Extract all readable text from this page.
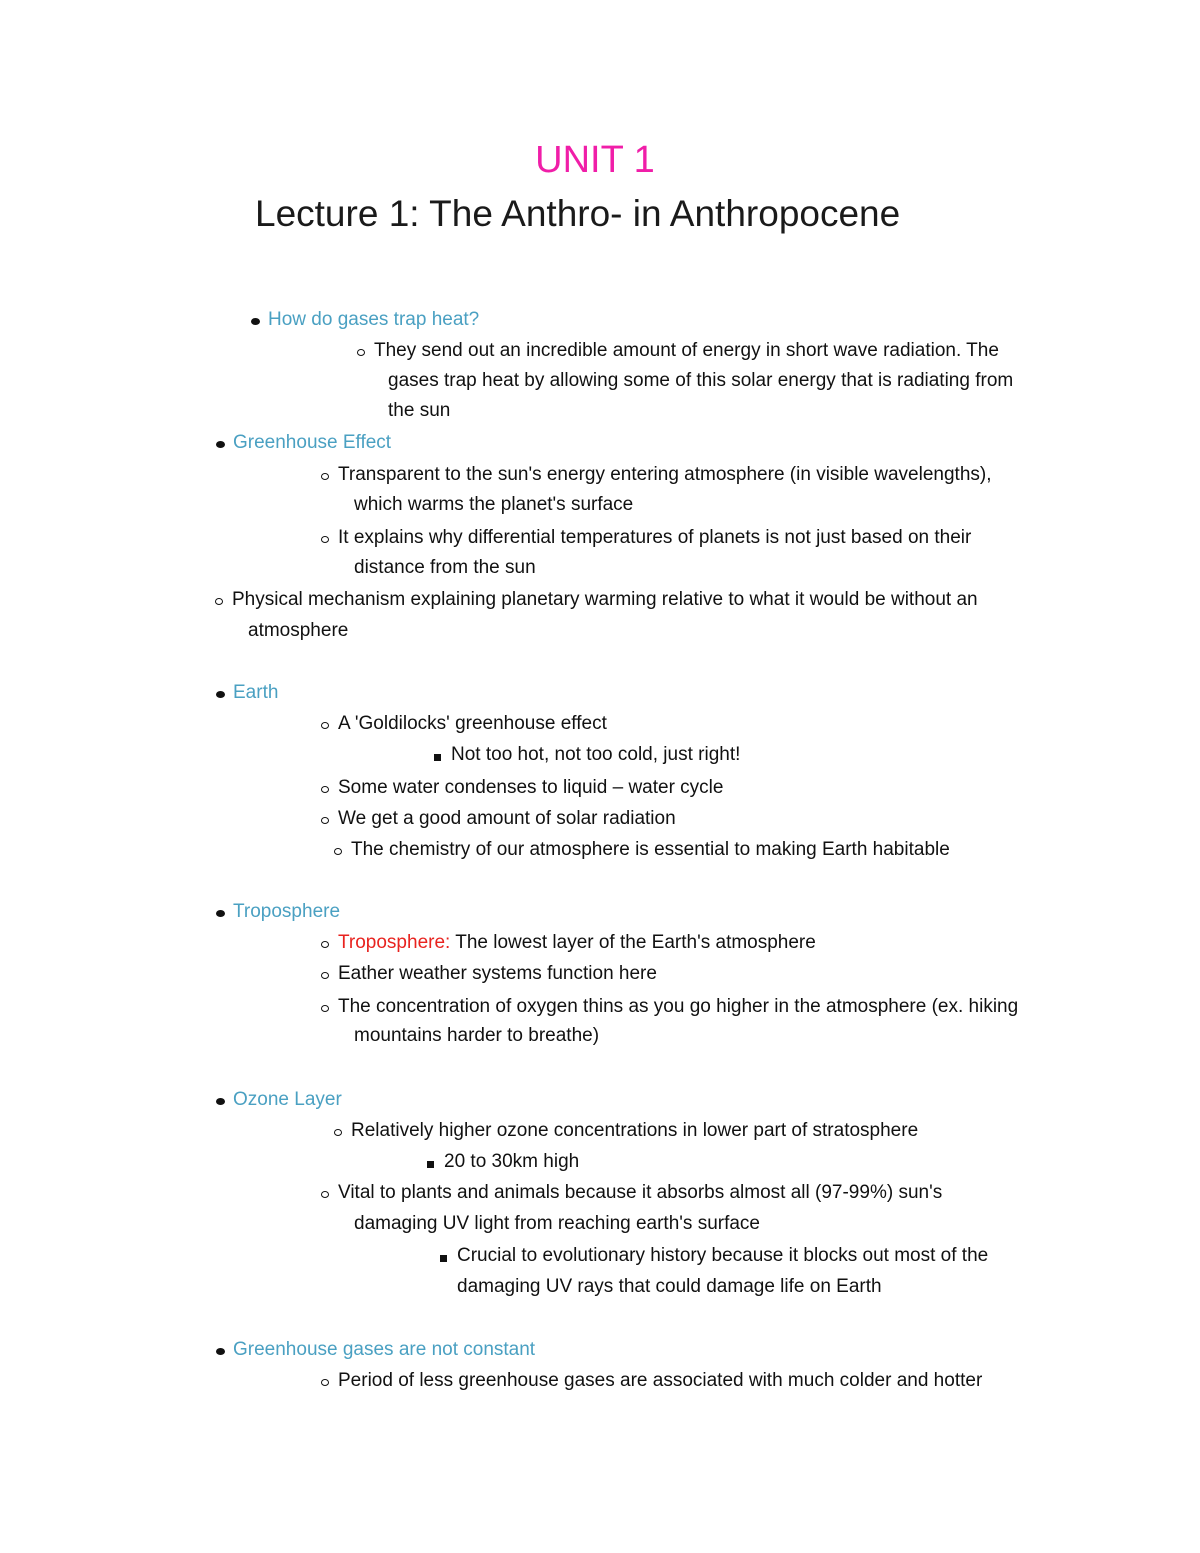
UNIT 1
Lecture 1: The Anthro- in Anthropocene
How do gases trap heat?
They send out an incredible amount of energy in short wave radiation. The
gases trap heat by allowing some of this solar energy that is radiating from
the sun
Greenhouse Effect
Transparent to the sun's energy entering atmosphere (in visible wavelengths),
which warms the planet's surface
It explains why differential temperatures of planets is not just based on their
distance from the sun
Physical mechanism explaining planetary warming relative to what it would be without an
atmosphere
Earth
A 'Goldilocks' greenhouse effect
Not too hot, not too cold, just right!
Some water condenses to liquid – water cycle
We get a good amount of solar radiation
The chemistry of our atmosphere is essential to making Earth habitable
Troposphere
Troposphere: The lowest layer of the Earth's atmosphere
Eather weather systems function here
The concentration of oxygen thins as you go higher in the atmosphere (ex. hiking
mountains harder to breathe)
Ozone Layer
Relatively higher ozone concentrations in lower part of stratosphere
20 to 30km high
Vital to plants and animals because it absorbs almost all (97-99%) sun's
damaging UV light from reaching earth's surface
Crucial to evolutionary history because it blocks out most of the
damaging UV rays that could damage life on Earth
Greenhouse gases are not constant
Period of less greenhouse gases are associated with much colder and hotter
